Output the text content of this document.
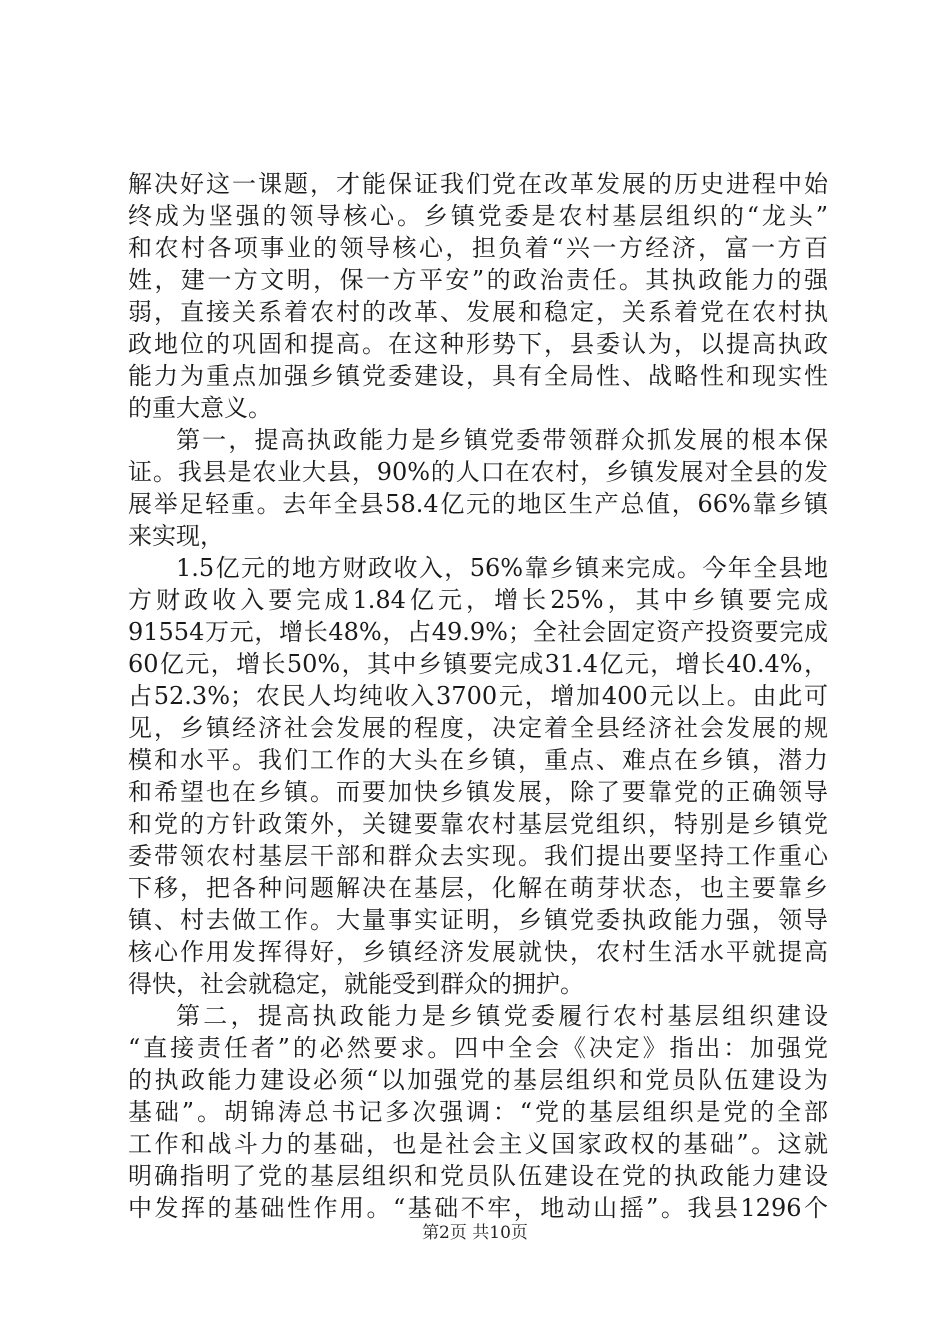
解决好这一课题，才能保证我们党在改革发展的历史进程中始
终成为坚强的领导核心。乡镇党委是农村基层组织的“龙头”
和农村各项事业的领导核心，担负着“兴一方经济，富一方百
姓，建一方文明，保一方平安”的政治责任。其执政能力的强
弱，直接关系着农村的改革、发展和稳定，关系着党在农村执
政地位的巩固和提高。在这种形势下，县委认为，以提高执政
能力为重点加强乡镇党委建设，具有全局性、战略性和现实性
的重大意义。
第一，提高执政能力是乡镇党委带领群众抓发展的根本保
证。我县是农业大县，90%的人口在农村，乡镇发展对全县的发
展举足轻重。去年全县58.4亿元的地区生产总值，66%靠乡镇
来实现，
1.5亿元的地方财政收入，56%靠乡镇来完成。今年全县地
方财政收入要完成1.84亿元，增长25%，其中乡镇要完成
91554万元，增长48%，占49.9%；全社会固定资产投资要完成
60亿元，增长50%，其中乡镇要完成31.4亿元，增长40.4%，
占52.3%；农民人均纯收入3700元，增加400元以上。由此可
见，乡镇经济社会发展的程度，决定着全县经济社会发展的规
模和水平。我们工作的大头在乡镇，重点、难点在乡镇，潜力
和希望也在乡镇。而要加快乡镇发展，除了要靠党的正确领导
和党的方针政策外，关键要靠农村基层党组织，特别是乡镇党
委带领农村基层干部和群众去实现。我们提出要坚持工作重心
下移，把各种问题解决在基层，化解在萌芽状态，也主要靠乡
镇、村去做工作。大量事实证明，乡镇党委执政能力强，领导
核心作用发挥得好，乡镇经济发展就快，农村生活水平就提高
得快，社会就稳定，就能受到群众的拥护。
第二，提高执政能力是乡镇党委履行农村基层组织建设
“直接责任者”的必然要求。四中全会《决定》指出：加强党
的执政能力建设必须“以加强党的基层组织和党员队伍建设为
基础”。胡锦涛总书记多次强调：“党的基层组织是党的全部
工作和战斗力的基础，也是社会主义国家政权的基础”。这就
明确指明了党的基层组织和党员队伍建设在党的执政能力建设
中发挥的基础性作用。“基础不牢，地动山摇”。我县1296个
第2页 共10页
